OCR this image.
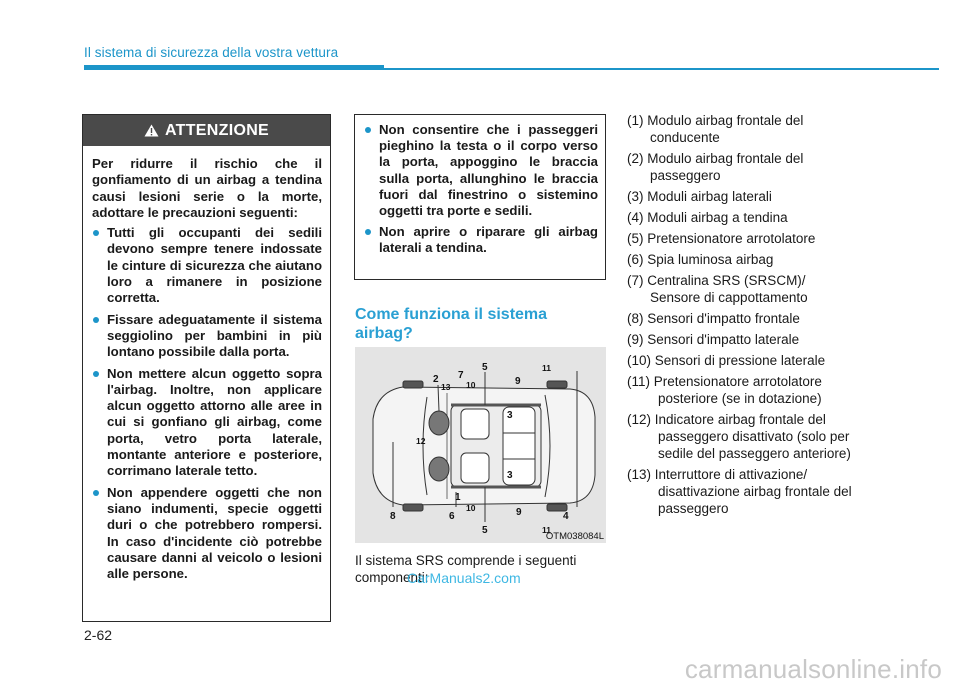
Il sistema di sicurezza della vostra vettura
ATTENZIONE

Per ridurre il rischio che il gonfiamento di un airbag a tendina causi lesioni serie o la morte, adottare le precauzioni seguenti:

Tutti gli occupanti dei sedili devono sempre tenere indossate le cinture di sicurezza che aiutano loro a rimanere in posizione corretta.
Fissare adeguatamente il sistema seggiolino per bambini in più lontano possibile dalla porta.
Non mettere alcun oggetto sopra l'airbag. Inoltre, non applicare alcun oggetto attorno alle aree in cui si gonfiano gli airbag, come porta, vetro porta laterale, montante anteriore e posteriore, corrimano laterale tetto.
Non appendere oggetti che non siano indumenti, specie oggetti duri o che potrebbero rompersi. In caso d'incidente ciò potrebbe causare danni al veicolo o lesioni alle persone.
Non consentire che i passeggeri pieghino la testa o il corpo verso la porta, appoggino le braccia sulla porta, allunghino le braccia fuori dal finestrino o sistemino oggetti tra porte e sedili.
Non aprire o riparare gli airbag laterali a tendina.
Come funziona il sistema airbag?
2
13
7
10
5
9
11
3
12
3
1
8	6
10
5
9
11
4
OTM038084L
Il sistema SRS comprende i seguenti componenti:
CarManuals2.com
(1) Modulo airbag frontale del
conducente
(2) Modulo airbag frontale del
passeggero
(3) Moduli airbag laterali
(4) Moduli airbag a tendina
(5) Pretensionatore arrotolatore
(6) Spia luminosa airbag
(7) Centralina SRS (SRSCM)/
Sensore di cappottamento
(8) Sensori d'impatto frontale
(9) Sensori d'impatto laterale
(10) Sensori di pressione laterale
(11) Pretensionatore arrotolatore
posteriore (se in dotazione)
(12) Indicatore airbag frontale del
passeggero disattivato (solo per sedile del passeggero anteriore)
(13) Interruttore di attivazione/
disattivazione airbag frontale del passeggero
2-62
carmanualsonline.info
